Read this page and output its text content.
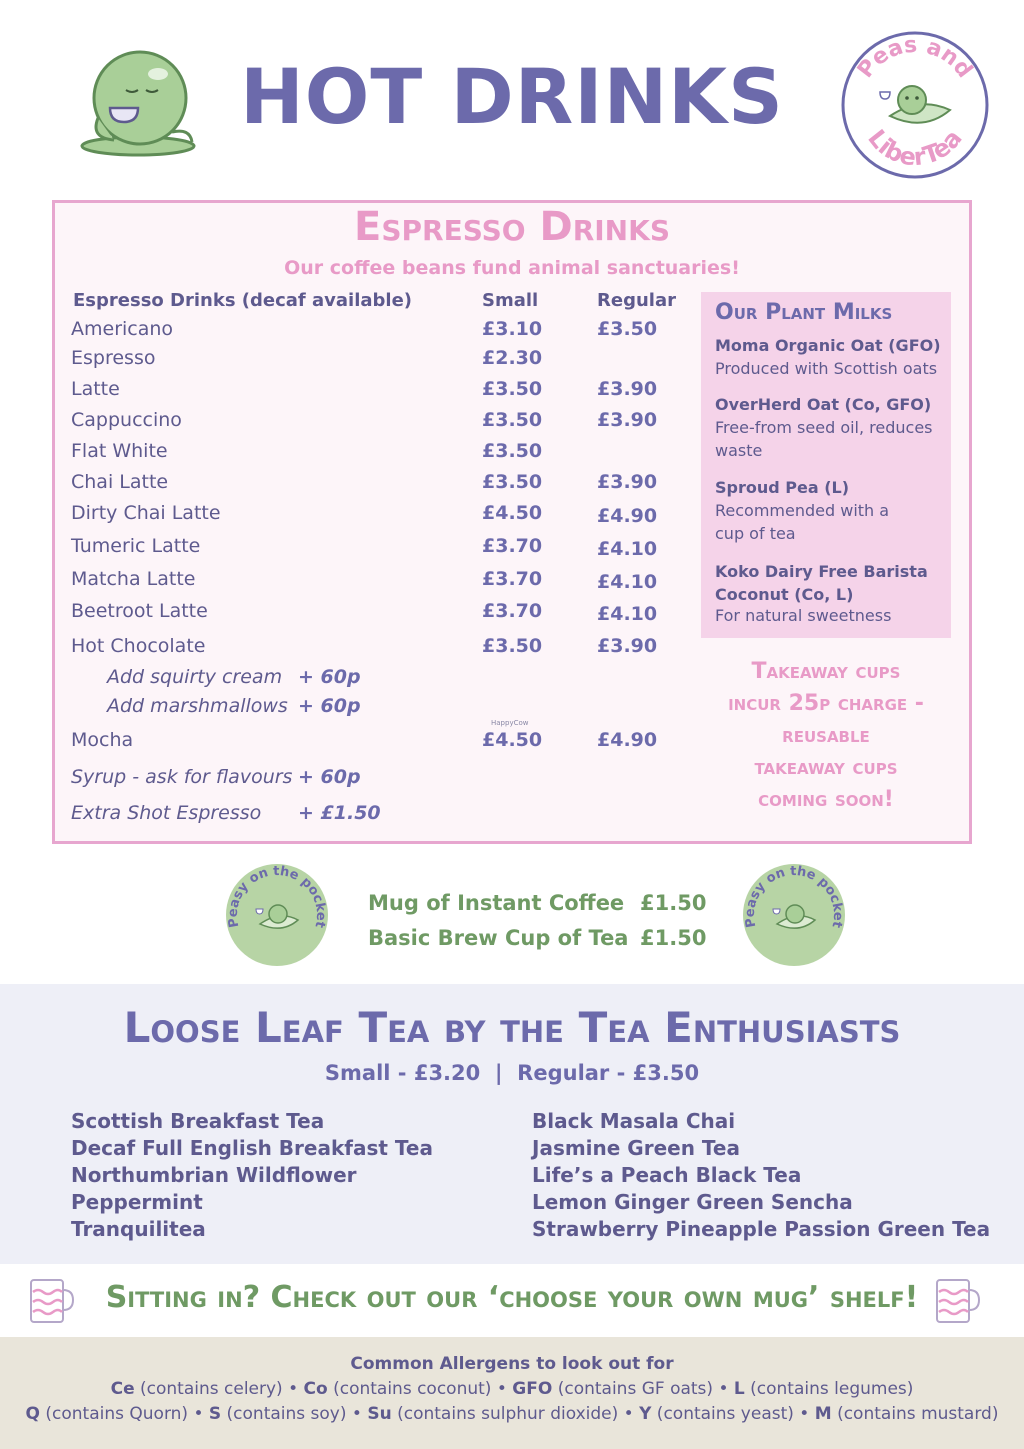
HOT DRINKS	Peas and
LiberTea
Espresso Drinks
Our coffee beans fund animal sanctuaries!
Espresso Drinks (decaf available)	Small	Regular
Americano	£3.10	£3.50
Espresso	£2.30
Latte	£3.50	£3.90
Cappuccino	£3.50	£3.90
Flat White	£3.50
Chai Latte	£3.50	£3.90
Dirty Chai Latte	£4.50	£4.90
Tumeric Latte	£3.70	£4.10
Matcha Latte	£3.70	£4.10
Beetroot Latte	£3.70	£4.10
Hot Chocolate	£3.50	£3.90
Add squirty cream + 60p
Add marshmallows + 60p
HappyCow
Mocha	£4.50	£4.90
Syrup - ask for flavours + 60p
Extra Shot Espresso + £1.50
Our Plant Milks
Moma Organic Oat (GFO)
Produced with Scottish oats
OverHerd Oat (Co, GFO)
Free-from seed oil, reduces waste
Sproud Pea (L)
Recommended with a cup of tea
Koko Dairy Free Barista Coconut (Co, L)
For natural sweetness
Takeaway cups
incur 25p charge -
reusable
takeaway cups
coming soon!
Peasy on the pocket
Mug of Instant Coffee £1.50
Basic Brew Cup of Tea £1.50
Peasy on the pocket
Loose Leaf Tea by the Tea Enthusiasts
Small - £3.20  |  Regular - £3.50
Scottish Breakfast Tea
Decaf Full English Breakfast Tea
Northumbrian Wildflower
Peppermint
Tranquilitea
Black Masala Chai
Jasmine Green Tea
Life’s a Peach Black Tea
Lemon Ginger Green Sencha
Strawberry Pineapple Passion Green Tea
Sitting in? Check out our ‘choose your own mug’ shelf!
Common Allergens to look out for
Ce (contains celery) • Co (contains coconut) • GFO (contains GF oats) • L (contains legumes)
Q (contains Quorn) • S (contains soy) • Su (contains sulphur dioxide) • Y (contains yeast) • M (contains mustard)
